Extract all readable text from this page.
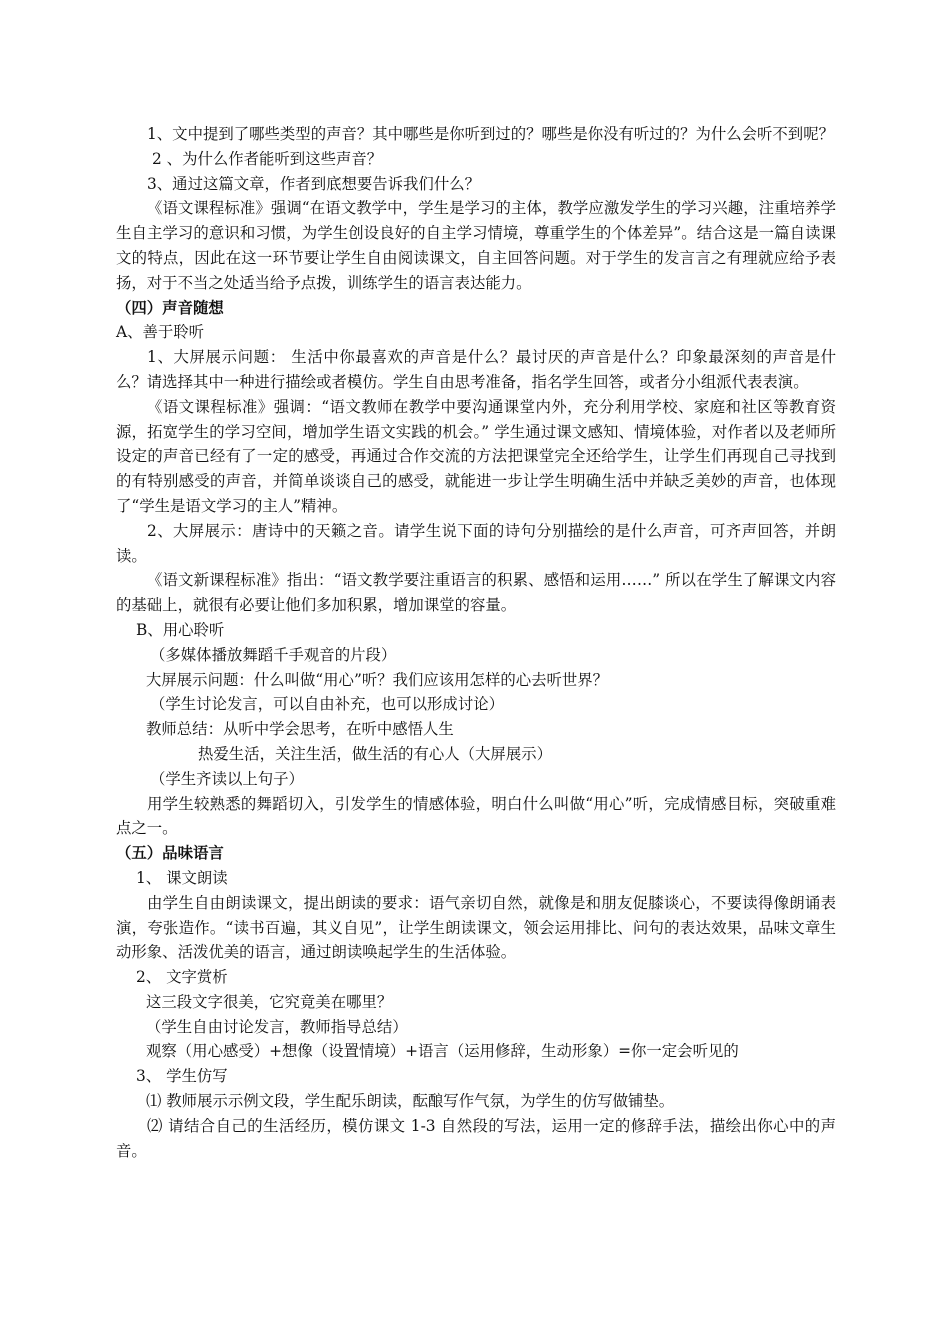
1、文中提到了哪些类型的声音？其中哪些是你听到过的？哪些是你没有听过的？为什么会听不到呢？

2 、为什么作者能听到这些声音？

3、通过这篇文章，作者到底想要告诉我们什么？

《语文课程标准》强调“在语文教学中，学生是学习的主体，教学应激发学生的学习兴趣，注重培养学生自主学习的意识和习惯，为学生创设良好的自主学习情境，尊重学生的个体差异”。结合这是一篇自读课文的特点，因此在这一环节要让学生自由阅读课文，自主回答问题。对于学生的发言言之有理就应给予表扬，对于不当之处适当给予点拨，训练学生的语言表达能力。

（四）声音随想

A、善于聆听

1、大屏展示问题： 生活中你最喜欢的声音是什么？最讨厌的声音是什么？印象最深刻的声音是什么？请选择其中一种进行描绘或者模仿。学生自由思考准备，指名学生回答，或者分小组派代表表演。

《语文课程标准》强调：“语文教师在教学中要沟通课堂内外，充分利用学校、家庭和社区等教育资源，拓宽学生的学习空间，增加学生语文实践的机会。” 学生通过课文感知、情境体验，对作者以及老师所设定的声音已经有了一定的感受，再通过合作交流的方法把课堂完全还给学生，让学生们再现自己寻找到的有特别感受的声音，并简单谈谈自己的感受，就能进一步让学生明确生活中并缺乏美妙的声音，也体现了“学生是语文学习的主人”精神。

2、大屏展示：唐诗中的天籁之音。请学生说下面的诗句分别描绘的是什么声音，可齐声回答，并朗读。

《语文新课程标准》指出：“语文教学要注重语言的积累、感悟和运用……” 所以在学生了解课文内容的基础上，就很有必要让他们多加积累，增加课堂的容量。

B、用心聆听

（多媒体播放舞蹈千手观音的片段）

大屏展示问题：什么叫做“用心”听？我们应该用怎样的心去听世界？

（学生讨论发言，可以自由补充，也可以形成讨论）

教师总结：从听中学会思考，在听中感悟人生

热爱生活，关注生活，做生活的有心人（大屏展示）

（学生齐读以上句子）

用学生较熟悉的舞蹈切入，引发学生的情感体验，明白什么叫做“用心”听，完成情感目标，突破重难点之一。

（五）品味语言

1、 课文朗读

由学生自由朗读课文，提出朗读的要求：语气亲切自然，就像是和朋友促膝谈心，不要读得像朗诵表演，夸张造作。“读书百遍，其义自见”，让学生朗读课文，领会运用排比、问句的表达效果，品味文章生动形象、活泼优美的语言，通过朗读唤起学生的生活体验。

2、 文字赏析

这三段文字很美，它究竟美在哪里？

（学生自由讨论发言，教师指导总结）

观察（用心感受）+想像（设置情境）+语言（运用修辞，生动形象）=你一定会听见的

3、 学生仿写

⑴ 教师展示示例文段，学生配乐朗读，酝酿写作气氛，为学生的仿写做铺垫。

⑵ 请结合自己的生活经历，模仿课文 1-3 自然段的写法，运用一定的修辞手法，描绘出你心中的声音。
